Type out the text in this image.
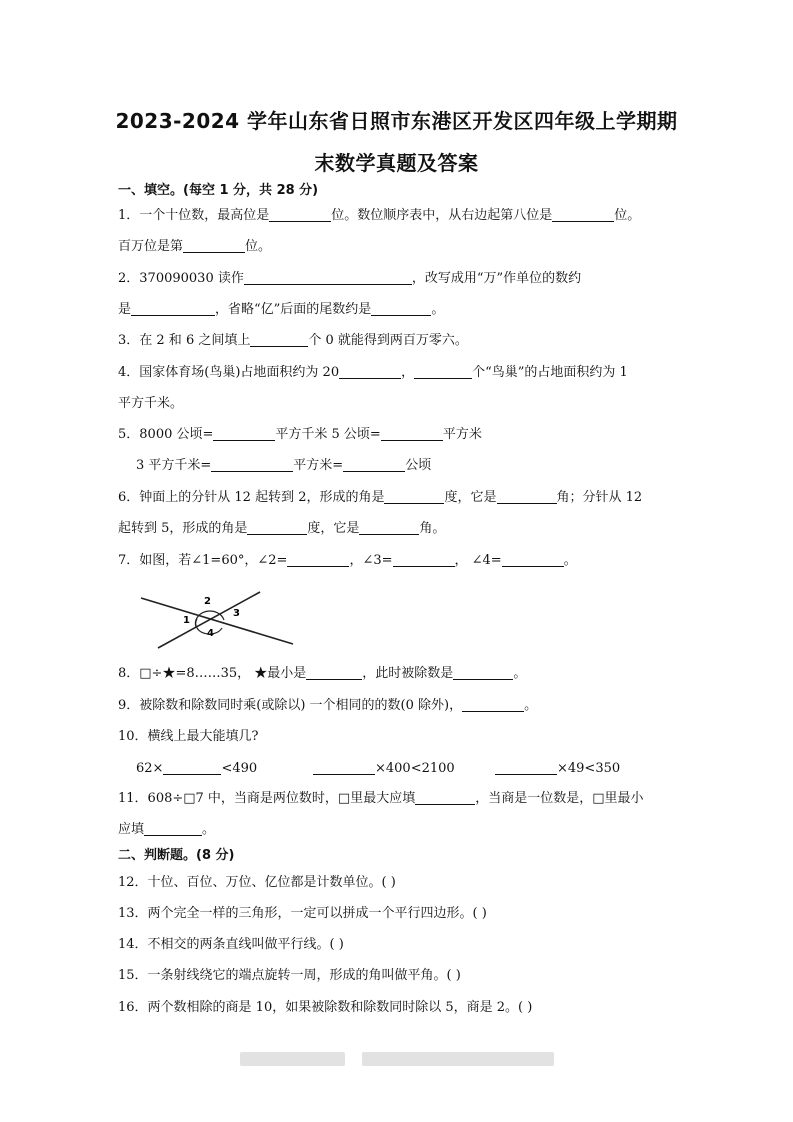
2023-2024 学年山东省日照市东港区开发区四年级上学期期
末数学真题及答案
一、填空。(每空 1 分，共 28 分)
1．一个十位数，最高位是	位。数位顺序表中，从右边起第八位是	位。
百万位是第	位。
2．370090030 读作	，改写成用“万”作单位的数约
是	，省略“亿”后面的尾数约是	。
3．在 2 和 6 之间填上	个 0 就能得到两百万零六。
4．国家体育场(鸟巢)占地面积约为 20	，	个“鸟巢”的占地面积约为 1
平方千米。
5．8000 公顷=	平方千米 5 公顷=	平方米
3 平方千米=	平方米=	公顷
6．钟面上的分针从 12 起转到 2，形成的角是	度，它是	角；分针从 12
起转到 5，形成的角是	度，它是	角。
7．如图，若∠1=60°，∠2=	，∠3=	， ∠4=	。
1
2
3
4
8．□÷★=8……35， ★最小是	，此时被除数是	。
9．被除数和除数同时乘(或除以) 一个相同的的数(0 除外)，	。
10．横线上最大能填几?
62×	<490	×400<2100	×49<350
11．608÷□7 中，当商是两位数时，□里最大应填	，当商是一位数是，□里最小
应填	。
二、判断题。(8 分)
12．十位、百位、万位、亿位都是计数单位。( )
13．两个完全一样的三角形，一定可以拼成一个平行四边形。( )
14．不相交的两条直线叫做平行线。( )
15．一条射线绕它的端点旋转一周，形成的角叫做平角。( )
16．两个数相除的商是 10，如果被除数和除数同时除以 5，商是 2。( )
